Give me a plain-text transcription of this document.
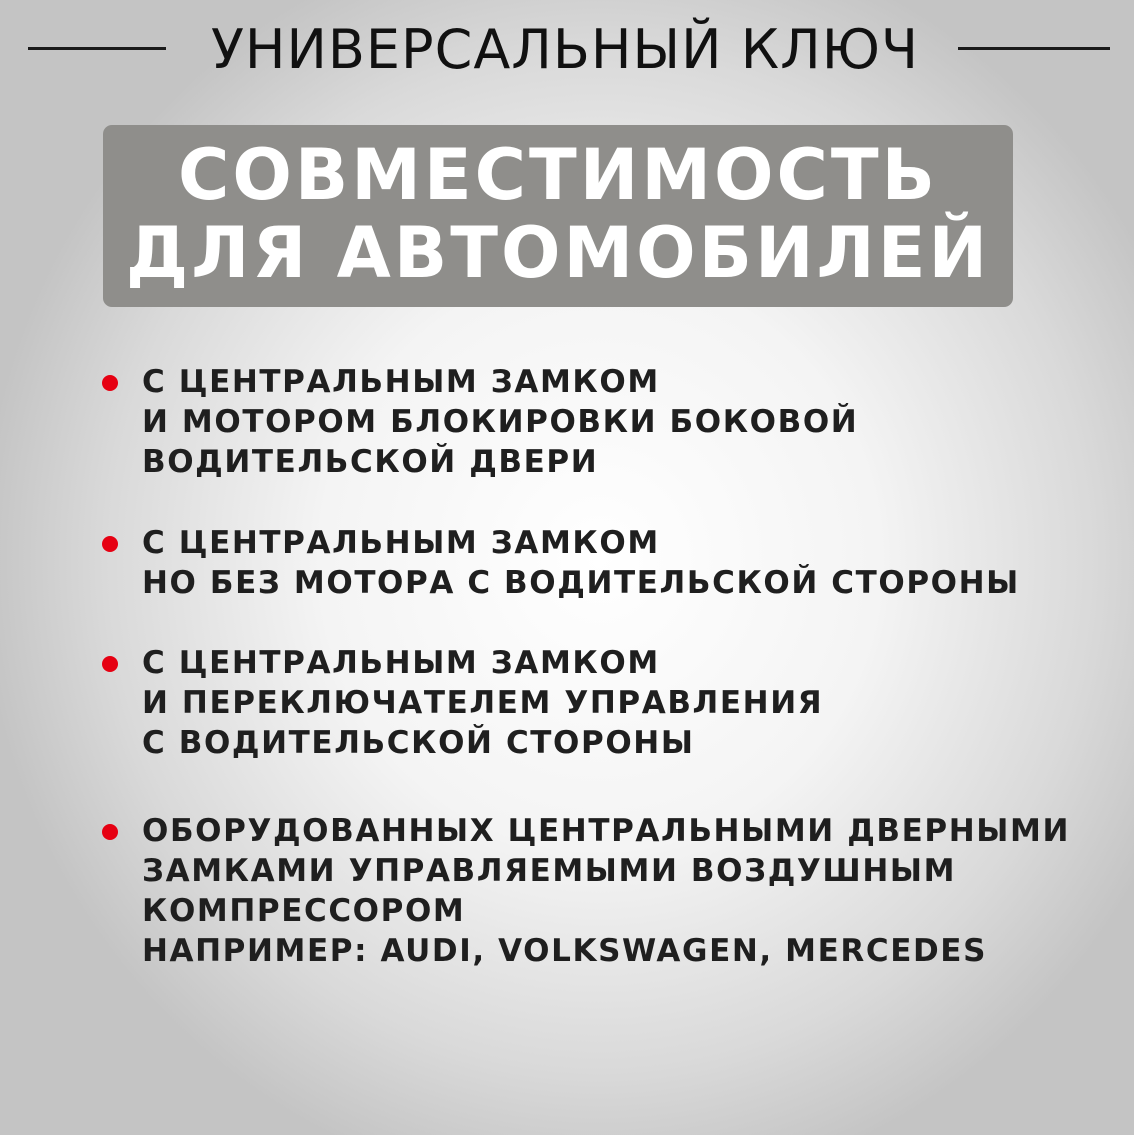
УНИВЕРСАЛЬНЫЙ КЛЮЧ
СОВМЕСТИМОСТЬ
ДЛЯ АВТОМОБИЛЕЙ
С ЦЕНТРАЛЬНЫМ ЗАМКОМ
И МОТОРОМ БЛОКИРОВКИ БОКОВОЙ
ВОДИТЕЛЬСКОЙ ДВЕРИ
С ЦЕНТРАЛЬНЫМ ЗАМКОМ
НО БЕЗ МОТОРА С ВОДИТЕЛЬСКОЙ СТОРОНЫ
С ЦЕНТРАЛЬНЫМ ЗАМКОМ
И ПЕРЕКЛЮЧАТЕЛЕМ УПРАВЛЕНИЯ
С ВОДИТЕЛЬСКОЙ СТОРОНЫ
ОБОРУДОВАННЫХ ЦЕНТРАЛЬНЫМИ ДВЕРНЫМИ
ЗАМКАМИ УПРАВЛЯЕМЫМИ ВОЗДУШНЫМ
КОМПРЕССОРОМ
НАПРИМЕР: AUDI, VOLKSWAGEN, MERCEDES
